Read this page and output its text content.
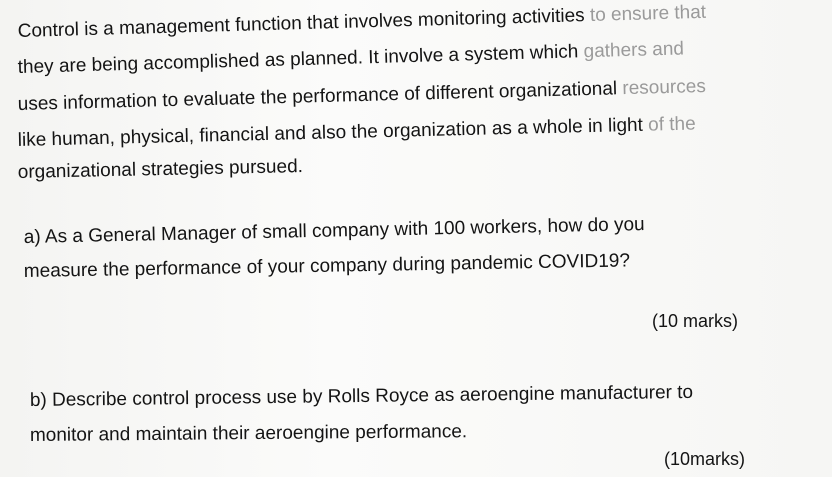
Control is a management function that involves monitoring activities to ensure that
they are being accomplished as planned. It involve a system which gathers and
uses information to evaluate the performance of different organizational resources
like human, physical, financial and also the organization as a whole in light of the
organizational strategies pursued.
a) As a General Manager of small company with 100 workers, how do you
measure the performance of your company during pandemic COVID19?
(10 marks)
b) Describe control process use by Rolls Royce as aeroengine manufacturer to
monitor and maintain their aeroengine performance.
(10marks)
